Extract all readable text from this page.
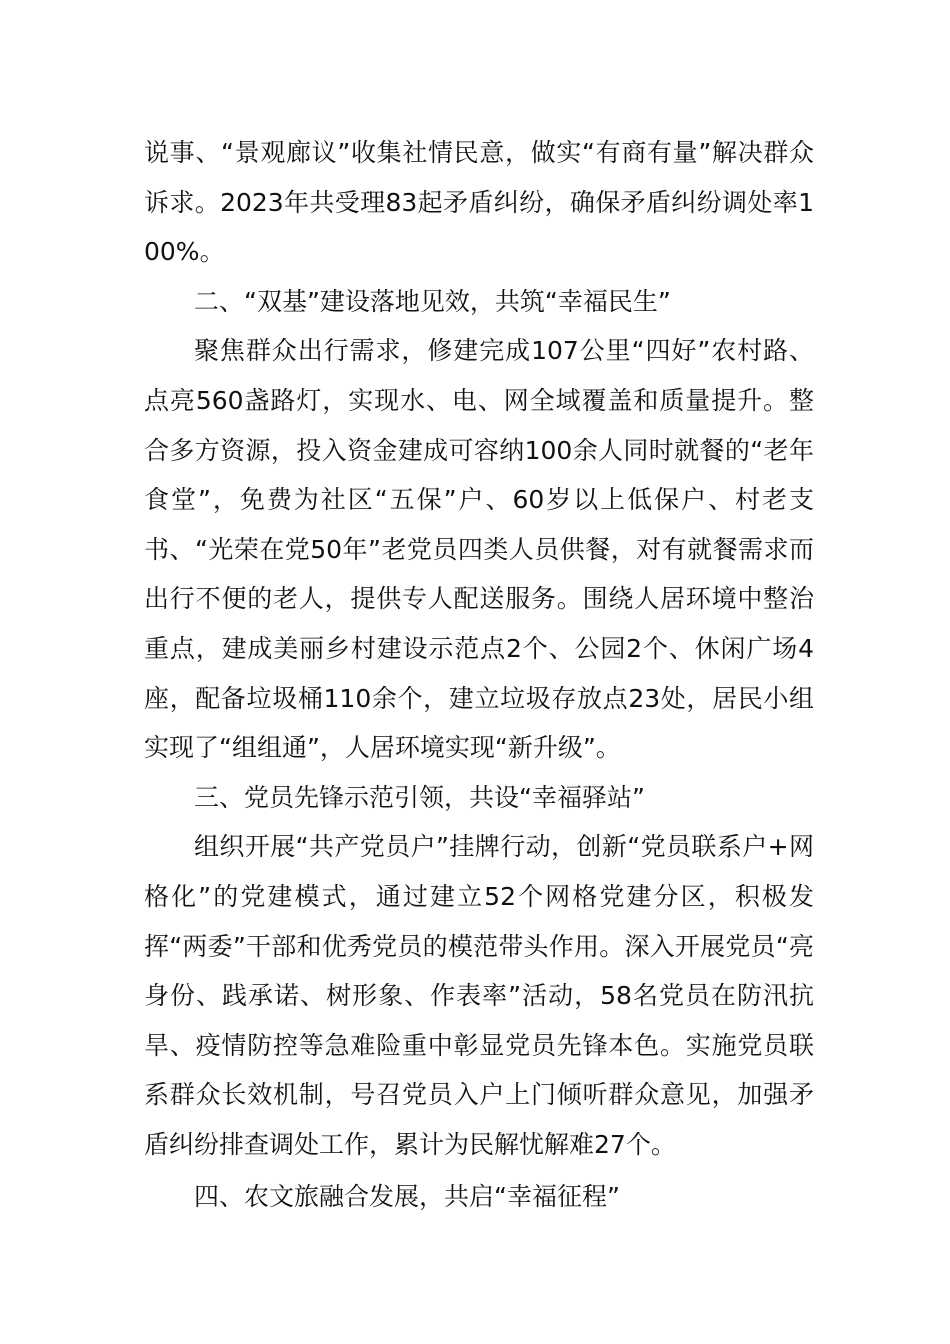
说事、“景观廊议”收集社情民意，做实“有商有量”解决群众诉求。2023年共受理83起矛盾纠纷，确保矛盾纠纷调处率100%。

二、“双基”建设落地见效，共筑“幸福民生”

聚焦群众出行需求，修建完成107公里“四好”农村路、点亮560盏路灯，实现水、电、网全域覆盖和质量提升。整合多方资源，投入资金建成可容纳100余人同时就餐的“老年食堂”，免费为社区“五保”户、60岁以上低保户、村老支书、“光荣在党50年”老党员四类人员供餐，对有就餐需求而出行不便的老人，提供专人配送服务。围绕人居环境中整治重点，建成美丽乡村建设示范点2个、公园2个、休闲广场4座，配备垃圾桶110余个，建立垃圾存放点23处，居民小组实现了“组组通”，人居环境实现“新升级”。

三、党员先锋示范引领，共设“幸福驿站”

组织开展“共产党员户”挂牌行动，创新“党员联系户+网格化”的党建模式，通过建立52个网格党建分区，积极发挥“两委”干部和优秀党员的模范带头作用。深入开展党员“亮身份、践承诺、树形象、作表率”活动，58名党员在防汛抗旱、疫情防控等急难险重中彰显党员先锋本色。实施党员联系群众长效机制，号召党员入户上门倾听群众意见，加强矛盾纠纷排查调处工作，累计为民解忧解难27个。

四、农文旅融合发展，共启“幸福征程”
